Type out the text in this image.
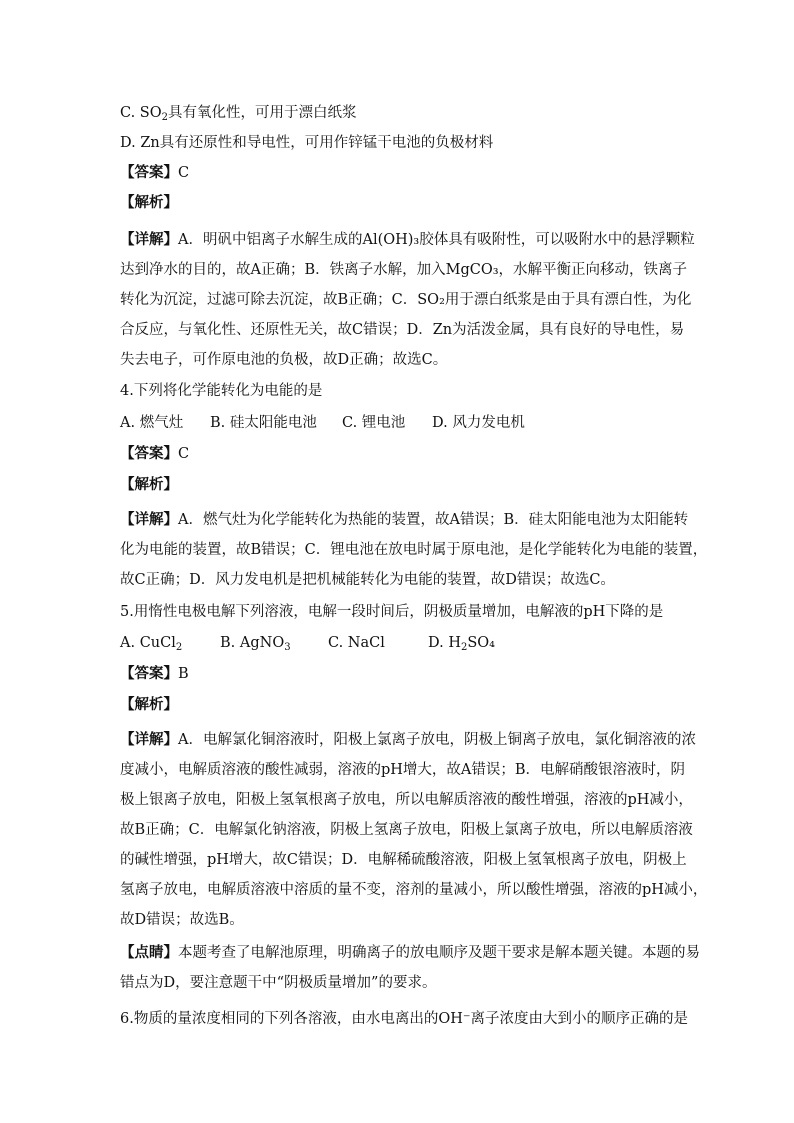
C. $SO_2$具有氧化性，可用于漂白纸浆
D. Zn具有还原性和导电性，可用作锌锰干电池的负极材料
【答案】C
【解析】
【详解】A．明矾中铝离子水解生成的Al(OH)₃胶体具有吸附性，可以吸附水中的悬浮颗粒
达到净水的目的，故A正确；B．铁离子水解，加入MgCO₃，水解平衡正向移动，铁离子
转化为沉淀，过滤可除去沉淀，故B正确；C．SO₂用于漂白纸浆是由于具有漂白性，为化
合反应，与氧化性、还原性无关，故C错误；D．Zn为活泼金属，具有良好的导电性，易
失去电子，可作原电池的负极，故D正确；故选C。
4.下列将化学能转化为电能的是
A. 燃气灶 B. 硅太阳能电池 C. 锂电池 D. 风力发电机
【答案】C
【解析】
【详解】A．燃气灶为化学能转化为热能的装置，故A错误；B．硅太阳能电池为太阳能转
化为电能的装置，故B错误；C．锂电池在放电时属于原电池，是化学能转化为电能的装置，
故C正确；D．风力发电机是把机械能转化为电能的装置，故D错误；故选C。
5.用惰性电极电解下列溶液，电解一段时间后，阴极质量增加，电解液的pH下降的是
A. CuCl$_2$	B. AgNO$_3$	C. NaCl	D. $H_2SO_4$
【答案】B
【解析】
【详解】A．电解氯化铜溶液时，阳极上氯离子放电，阴极上铜离子放电，氯化铜溶液的浓
度减小，电解质溶液的酸性减弱，溶液的pH增大，故A错误；B．电解硝酸银溶液时，阴
极上银离子放电，阳极上氢氧根离子放电，所以电解质溶液的酸性增强，溶液的pH减小，
故B正确；C．电解氯化钠溶液，阴极上氢离子放电，阳极上氯离子放电，所以电解质溶液
的碱性增强，pH增大，故C错误；D．电解稀硫酸溶液，阳极上氢氧根离子放电，阴极上
氢离子放电，电解质溶液中溶质的量不变，溶剂的量减小，所以酸性增强，溶液的pH减小，
故D错误；故选B。
【点睛】本题考查了电解池原理，明确离子的放电顺序及题干要求是解本题关键。本题的易
错点为D，要注意题干中“阴极质量增加”的要求。
6.物质的量浓度相同的下列各溶液，由水电离出的OH⁻离子浓度由大到小的顺序正确的是
